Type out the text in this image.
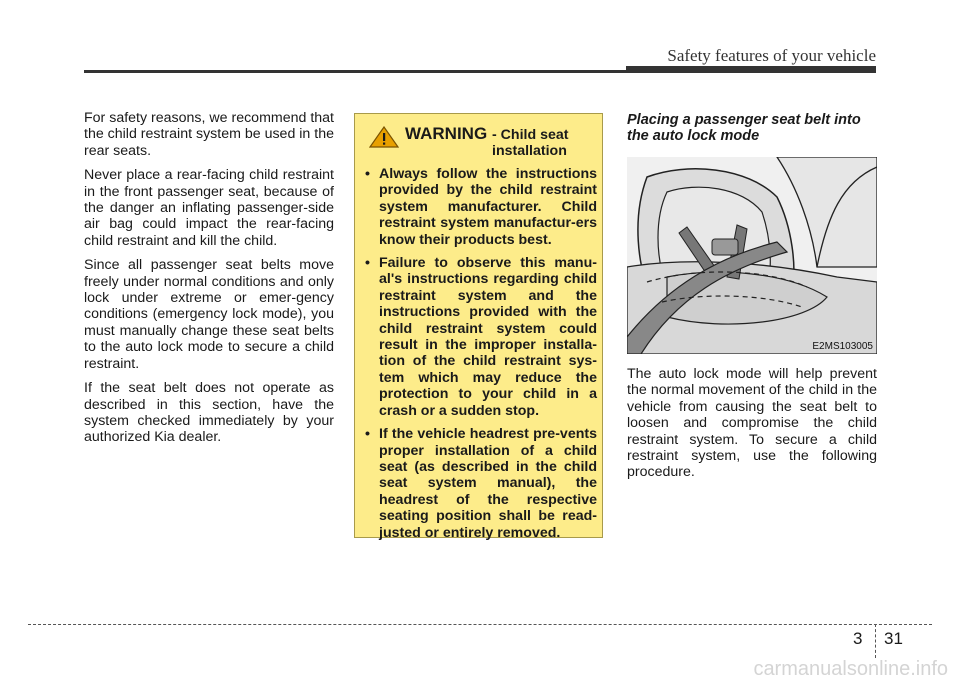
Safety features of your vehicle

For safety reasons, we recommend that the child restraint system be used in the rear seats.

Never place a rear-facing child restraint in the front passenger seat, because of the danger an inflating passenger-side air bag could impact the rear-facing child restraint and kill the child.

Since all passenger seat belts move freely under normal conditions and only lock under extreme or emer-gency conditions (emergency lock mode), you must manually change these seat belts to the auto lock mode to secure a child restraint.

If the seat belt does not operate as described in this section, have the system checked immediately by your authorized Kia dealer.

WARNING - Child seat installation
• Always follow the instructions provided by the child restraint system manufacturer. Child restraint system manufactur-ers know their products best.
• Failure to observe this manu-al's instructions regarding child restraint system and the instructions provided with the child restraint system could result in the improper installa-tion of the child restraint sys-tem which may reduce the protection to your child in a crash or a sudden stop.
• If the vehicle headrest pre-vents proper installation of a child seat (as described in the child seat system manual), the headrest of the respective seating position shall be read-justed or entirely removed.
Placing a passenger seat belt into the auto lock mode
E2MS103005

The auto lock mode will help prevent the normal movement of the child in the vehicle from causing the seat belt to loosen and compromise the child restraint system. To secure a child restraint system, use the following procedure.

3 31
carmanualsonline.info
